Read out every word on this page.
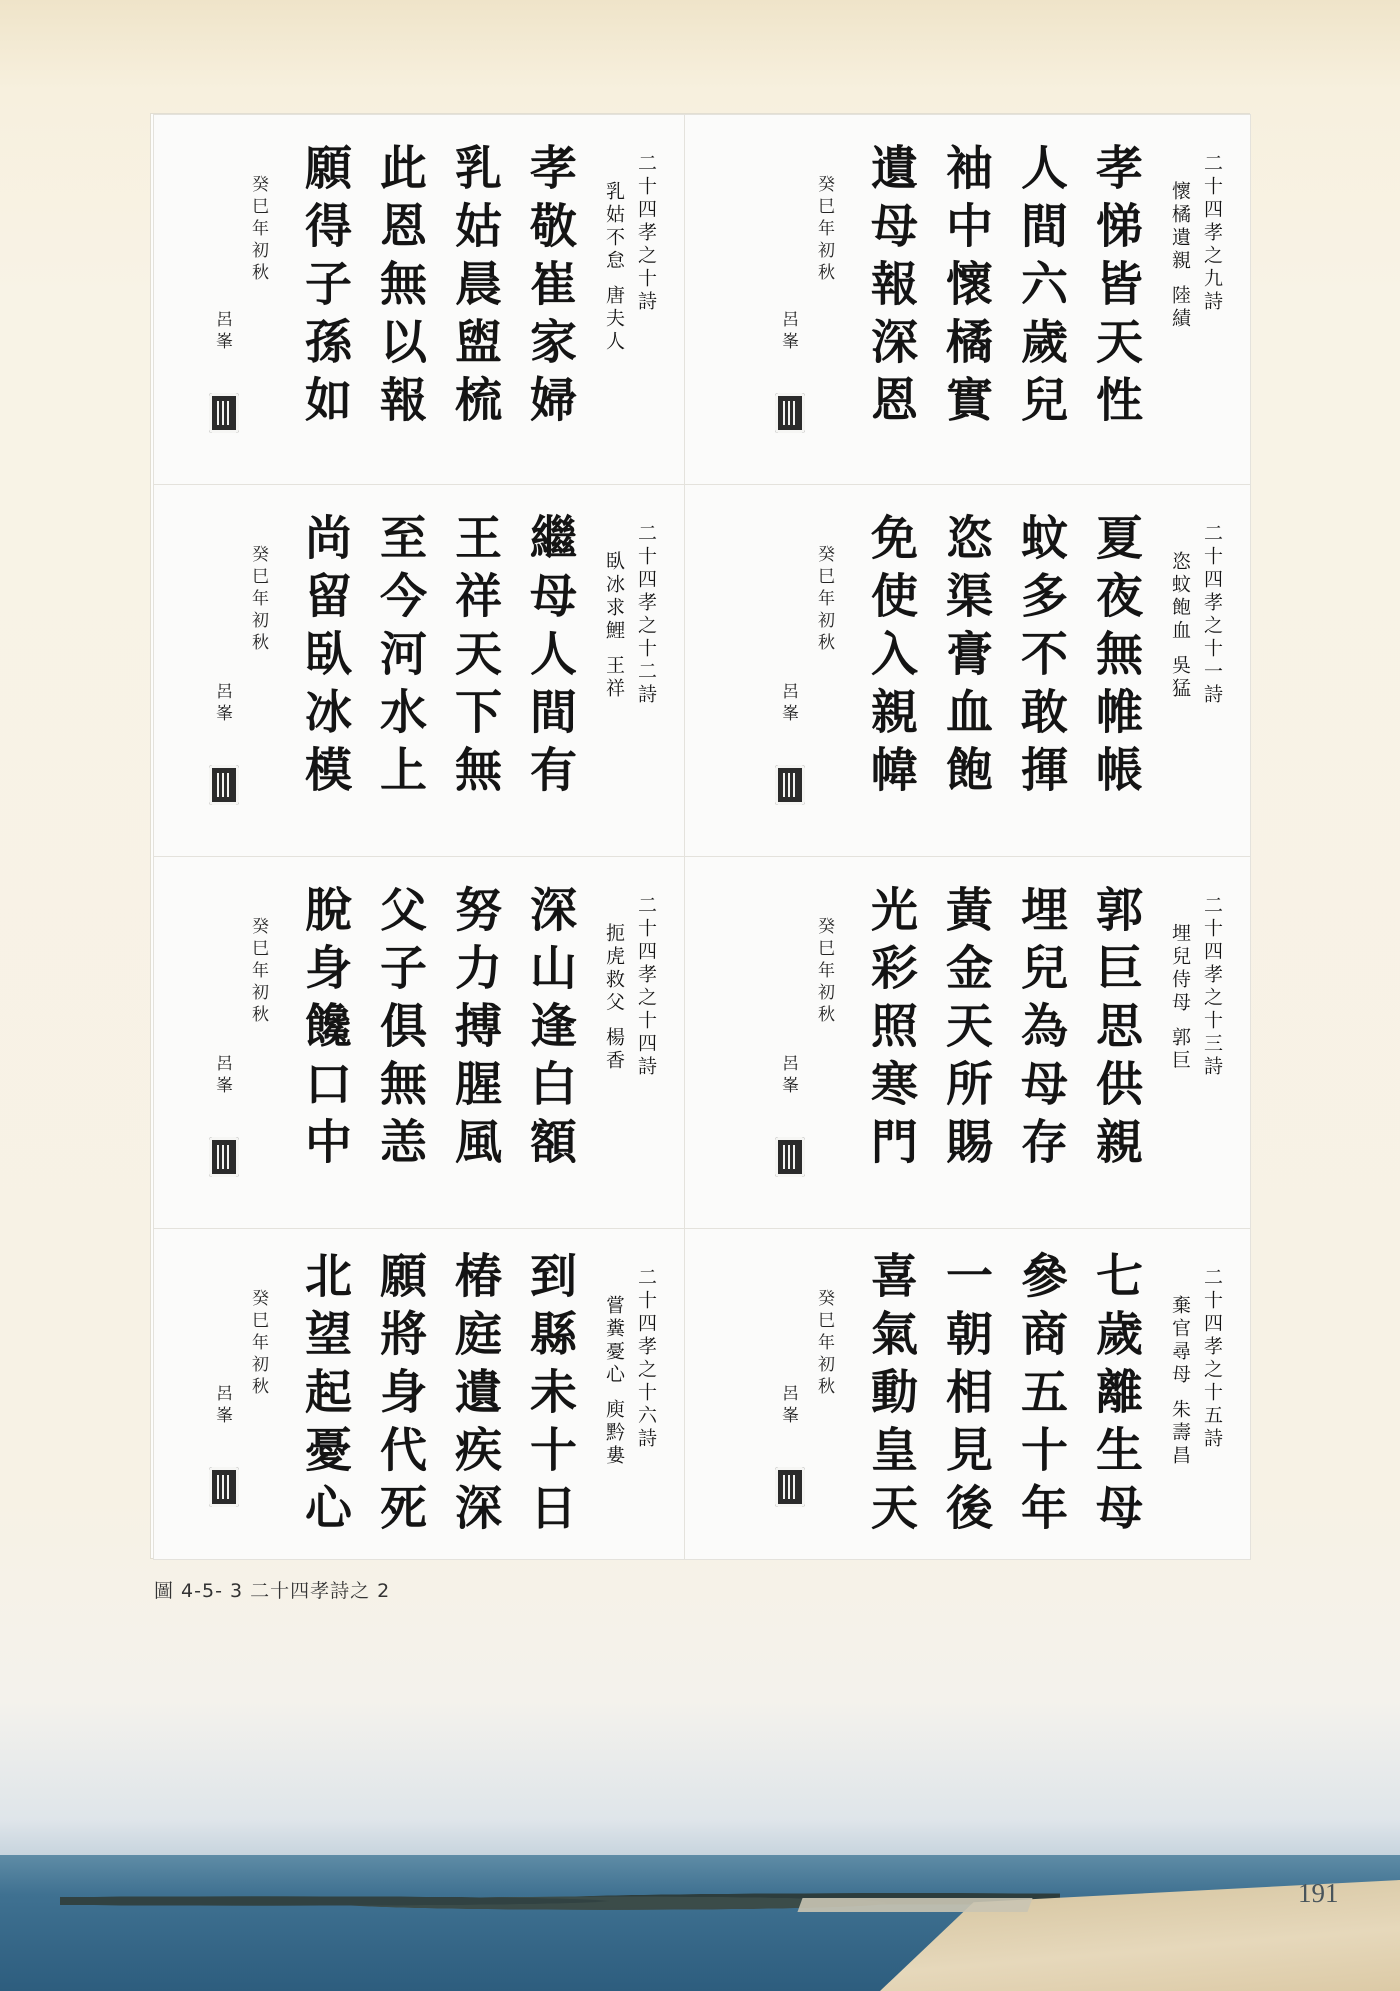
二十四孝之九詩
懷橘遺親陸績
孝悌皆天性
人間六歲兒
袖中懷橘實
遺母報深恩
癸巳年初秋
呂峯
二十四孝之十詩
乳姑不怠唐夫人
孝敬崔家婦
乳姑晨盥梳
此恩無以報
願得子孫如
癸巳年初秋
呂峯
二十四孝之十一詩
恣蚊飽血吳猛
夏夜無帷帳
蚊多不敢揮
恣渠膏血飽
免使入親幃
癸巳年初秋
呂峯
二十四孝之十二詩
臥冰求鯉王祥
繼母人間有
王祥天下無
至今河水上
尚留臥冰模
癸巳年初秋
呂峯
二十四孝之十三詩
埋兒侍母郭巨
郭巨思供親
埋兒為母存
黃金天所賜
光彩照寒門
癸巳年初秋
呂峯
二十四孝之十四詩
扼虎救父楊香
深山逢白額
努力搏腥風
父子俱無恙
脫身饞口中
癸巳年初秋
呂峯
二十四孝之十五詩
棄官尋母朱壽昌
七歲離生母
參商五十年
一朝相見後
喜氣動皇天
癸巳年初秋
呂峯
二十四孝之十六詩
嘗糞憂心庾黔婁
到縣未十日
椿庭遺疾深
願將身代死
北望起憂心
癸巳年初秋
呂峯
圖 4-5- 3 二十四孝詩之 2
191
